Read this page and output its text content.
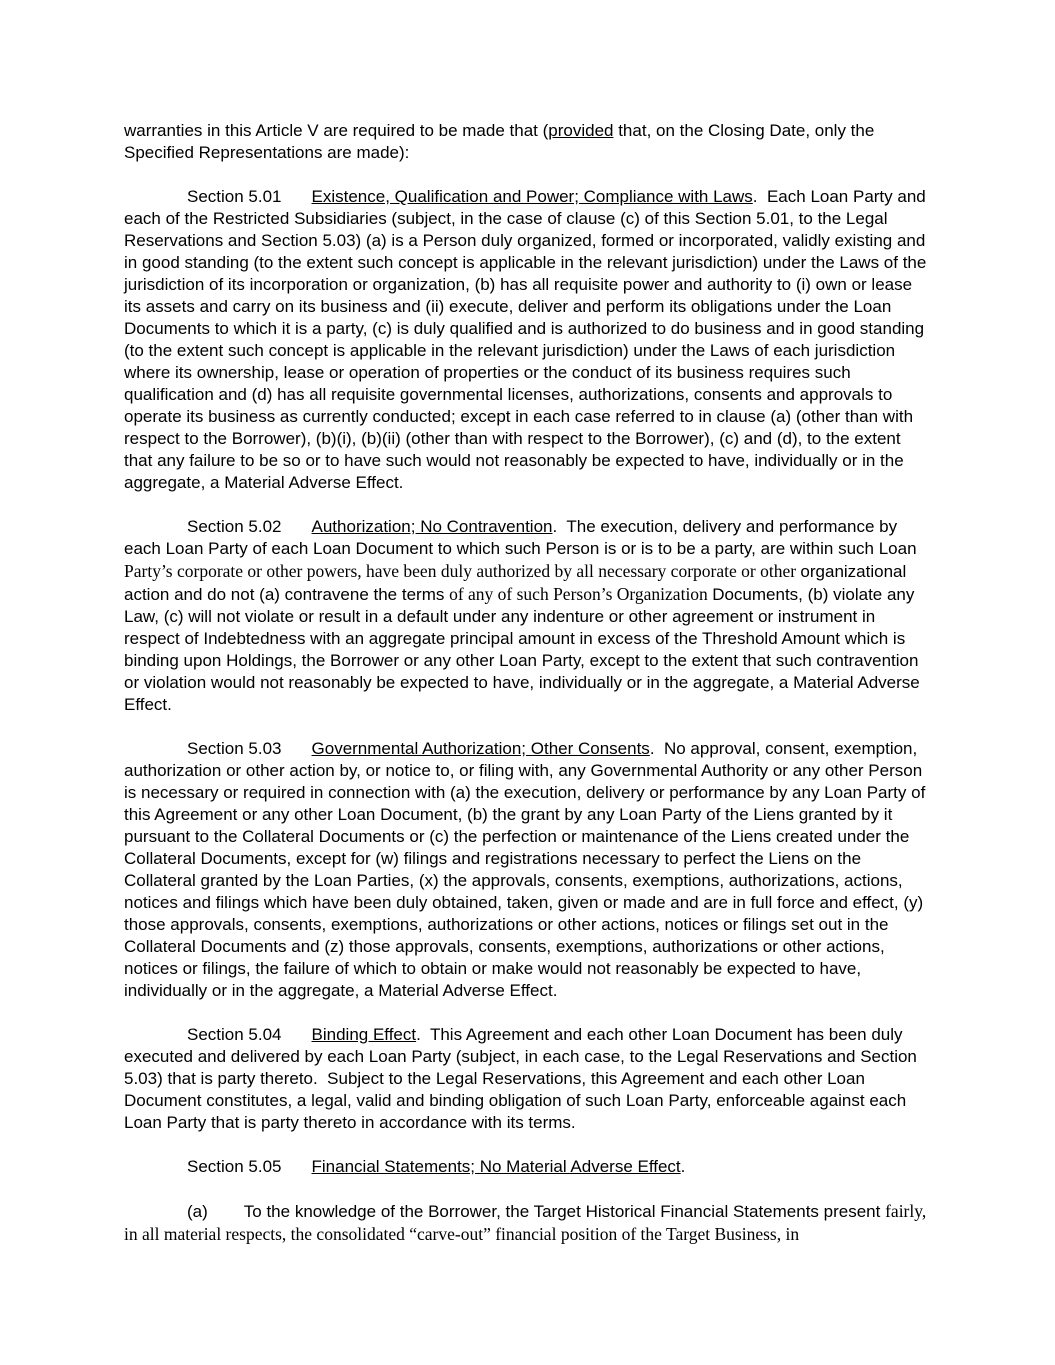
warranties in this Article V are required to be made that (provided that, on the Closing Date, only the Specified Representations are made):

Section 5.01 Existence, Qualification and Power; Compliance with Laws.  Each Loan Party and each of the Restricted Subsidiaries (subject, in the case of clause (c) of this Section 5.01, to the Legal Reservations and Section 5.03) (a) is a Person duly organized, formed or incorporated, validly existing and in good standing (to the extent such concept is applicable in the relevant jurisdiction) under the Laws of the jurisdiction of its incorporation or organization, (b) has all requisite power and authority to (i) own or lease its assets and carry on its business and (ii) execute, deliver and perform its obligations under the Loan Documents to which it is a party, (c) is duly qualified and is authorized to do business and in good standing (to the extent such concept is applicable in the relevant jurisdiction) under the Laws of each jurisdiction where its ownership, lease or operation of properties or the conduct of its business requires such qualification and (d) has all requisite governmental licenses, authorizations, consents and approvals to operate its business as currently conducted; except in each case referred to in clause (a) (other than with respect to the Borrower), (b)(i), (b)(ii) (other than with respect to the Borrower), (c) and (d), to the extent that any failure to be so or to have such would not reasonably be expected to have, individually or in the aggregate, a Material Adverse Effect.

Section 5.02 Authorization; No Contravention.  The execution, delivery and performance by each Loan Party of each Loan Document to which such Person is or is to be a party, are within such Loan Party’s corporate or other powers, have been duly authorized by all necessary corporate or other organizational action and do not (a) contravene the terms of any of such Person’s Organization Documents, (b) violate any Law, (c) will not violate or result in a default under any indenture or other agreement or instrument in respect of Indebtedness with an aggregate principal amount in excess of the Threshold Amount which is binding upon Holdings, the Borrower or any other Loan Party, except to the extent that such contravention or violation would not reasonably be expected to have, individually or in the aggregate, a Material Adverse Effect.

Section 5.03 Governmental Authorization; Other Consents.  No approval, consent, exemption, authorization or other action by, or notice to, or filing with, any Governmental Authority or any other Person is necessary or required in connection with (a) the execution, delivery or performance by any Loan Party of this Agreement or any other Loan Document, (b) the grant by any Loan Party of the Liens granted by it pursuant to the Collateral Documents or (c) the perfection or maintenance of the Liens created under the Collateral Documents, except for (w) filings and registrations necessary to perfect the Liens on the Collateral granted by the Loan Parties, (x) the approvals, consents, exemptions, authorizations, actions, notices and filings which have been duly obtained, taken, given or made and are in full force and effect, (y) those approvals, consents, exemptions, authorizations or other actions, notices or filings set out in the Collateral Documents and (z) those approvals, consents, exemptions, authorizations or other actions, notices or filings, the failure of which to obtain or make would not reasonably be expected to have, individually or in the aggregate, a Material Adverse Effect.

Section 5.04 Binding Effect.  This Agreement and each other Loan Document has been duly executed and delivered by each Loan Party (subject, in each case, to the Legal Reservations and Section 5.03) that is party thereto.  Subject to the Legal Reservations, this Agreement and each other Loan Document constitutes, a legal, valid and binding obligation of such Loan Party, enforceable against each Loan Party that is party thereto in accordance with its terms.

Section 5.05 Financial Statements; No Material Adverse Effect.

(a) To the knowledge of the Borrower, the Target Historical Financial Statements present fairly, in all material respects, the consolidated “carve-out” financial position of the Target Business, in
